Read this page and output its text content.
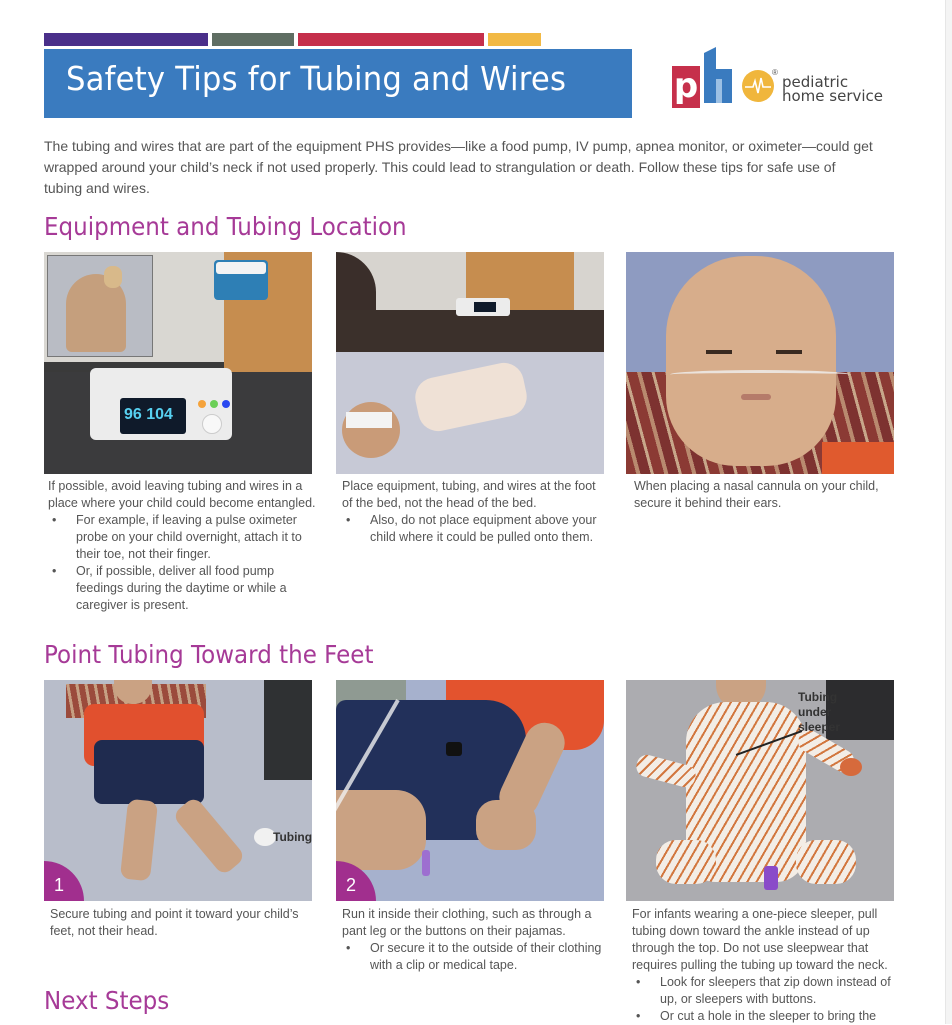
Safety Tips for Tubing and Wires	p	®
pediatric
home service

The tubing and wires that are part of the equipment PHS provides—like a food pump, IV pump, apnea monitor, or oximeter—could get wrapped around your child’s neck if not used properly. This could lead to strangulation or death. Follow these tips for safe use of tubing and wires.

Equipment and Tubing Location
96 104

If possible, avoid leaving tubing and wires in a place where your child could become entangled.

• For example, if leaving a pulse oximeter probe on your child overnight, attach it to their toe, not their finger.
• Or, if possible, deliver all food pump feedings during the daytime or while a caregiver is present.

Place equipment, tubing, and wires at the foot of the bed, not the head of the bed.

• Also, do not place equipment above your child where it could be pulled onto them.

When placing a nasal cannula on your child, secure it behind their ears.

Point Tubing Toward the Feet
Tubing
1

Secure tubing and point it toward your child’s feet, not their head.

2

Run it inside their clothing, such as through a pant leg or the buttons on their pajamas.

• Or secure it to the outside of their clothing with a clip or medical tape.
Tubing under sleeper

For infants wearing a one-piece sleeper, pull tubing down toward the ankle instead of up through the top. Do not use sleepwear that requires pulling the tubing up toward the neck.

• Look for sleepers that zip down instead of up, or sleepers with buttons.
• Or cut a hole in the sleeper to bring the
Next Steps
